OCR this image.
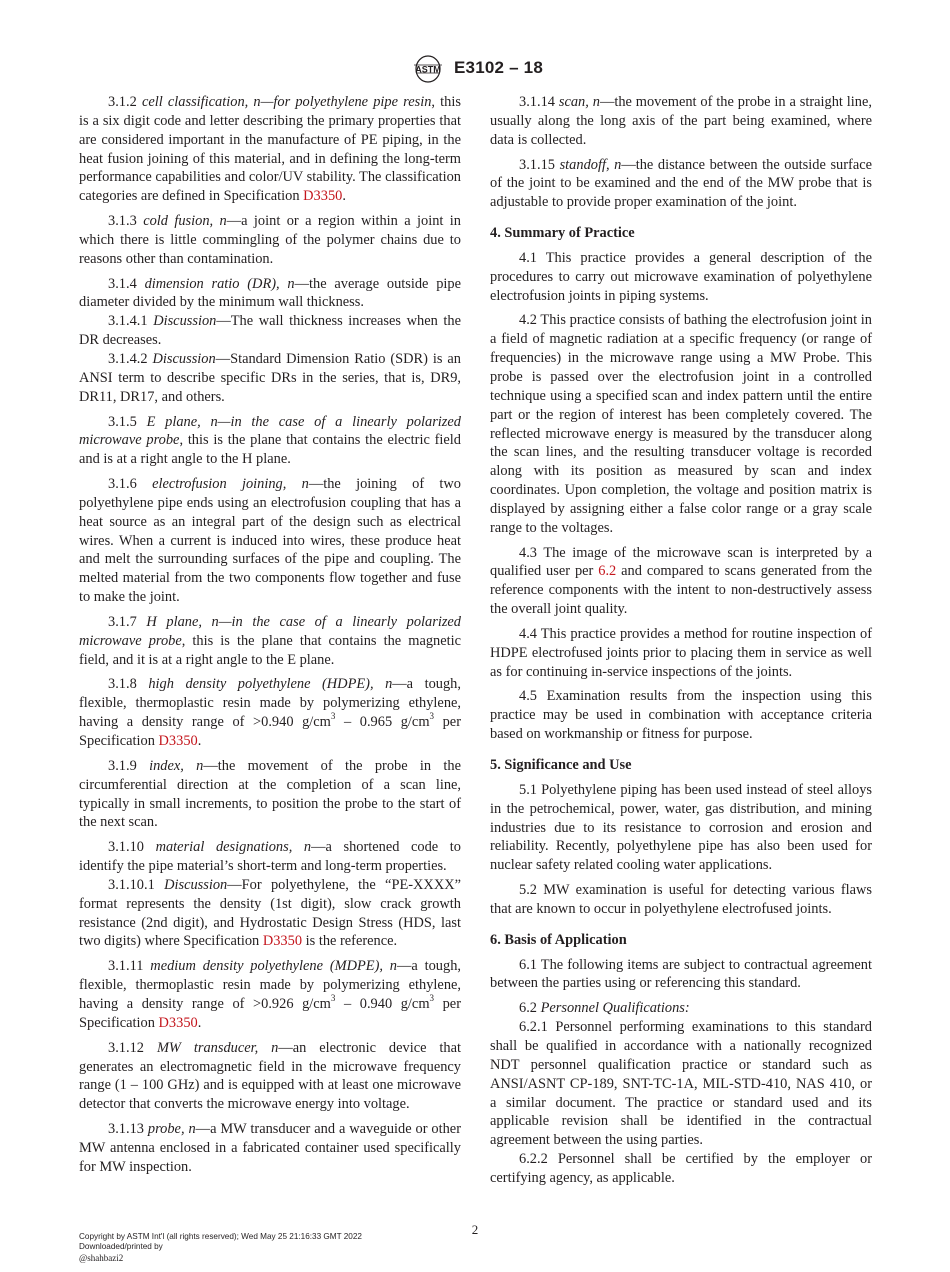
ASTM E3102 – 18

3.1.2 cell classification, n—for polyethylene pipe resin, this is a six digit code and letter describing the primary properties that are considered important in the manufacture of PE piping, in the heat fusion joining of this material, and in defining the long-term performance capabilities and color/UV stability. The classification categories are defined in Specification D3350.

3.1.3 cold fusion, n—a joint or a region within a joint in which there is little commingling of the polymer chains due to reasons other than contamination.

3.1.4 dimension ratio (DR), n—the average outside pipe diameter divided by the minimum wall thickness.

3.1.4.1 Discussion—The wall thickness increases when the DR decreases.

3.1.4.2 Discussion—Standard Dimension Ratio (SDR) is an ANSI term to describe specific DRs in the series, that is, DR9, DR11, DR17, and others.

3.1.5 E plane, n—in the case of a linearly polarized microwave probe, this is the plane that contains the electric field and is at a right angle to the H plane.

3.1.6 electrofusion joining, n—the joining of two polyethylene pipe ends using an electrofusion coupling that has a heat source as an integral part of the design such as electrical wires. When a current is induced into wires, these produce heat and melt the surrounding surfaces of the pipe and coupling. The melted material from the two components flow together and fuse to make the joint.

3.1.7 H plane, n—in the case of a linearly polarized microwave probe, this is the plane that contains the magnetic field, and it is at a right angle to the E plane.

3.1.8 high density polyethylene (HDPE), n—a tough, flexible, thermoplastic resin made by polymerizing ethylene, having a density range of >0.940 $g/cm^3 - 0.965$ $g/cm^3$ per Specification D3350.

3.1.9 index, n—the movement of the probe in the circumferential direction at the completion of a scan line, typically in small increments, to position the probe to the start of the next scan.

3.1.10 material designations, n—a shortened code to identify the pipe material’s short-term and long-term properties.

3.1.10.1 Discussion—For polyethylene, the “PE-XXXX” format represents the density (1st digit), slow crack growth resistance (2nd digit), and Hydrostatic Design Stress (HDS, last two digits) where Specification D3350 is the reference.

3.1.11 medium density polyethylene (MDPE), n—a tough, flexible, thermoplastic resin made by polymerizing ethylene, having a density range of >0.926 $g/cm^3 - 0.940$ $g/cm^3$ per Specification D3350.

3.1.12 MW transducer, n—an electronic device that generates an electromagnetic field in the microwave frequency range (1 – 100 GHz) and is equipped with at least one microwave detector that converts the microwave energy into voltage.

3.1.13 probe, n—a MW transducer and a waveguide or other MW antenna enclosed in a fabricated container used specifically for MW inspection.

3.1.14 scan, n—the movement of the probe in a straight line, usually along the long axis of the part being examined, where data is collected.

3.1.15 standoff, n—the distance between the outside surface of the joint to be examined and the end of the MW probe that is adjustable to provide proper examination of the joint.

4. Summary of Practice

4.1 This practice provides a general description of the procedures to carry out microwave examination of polyethylene electrofusion joints in piping systems.

4.2 This practice consists of bathing the electrofusion joint in a field of magnetic radiation at a specific frequency (or range of frequencies) in the microwave range using a MW Probe. This probe is passed over the electrofusion joint in a controlled technique using a specified scan and index pattern until the entire part or the region of interest has been completely covered. The reflected microwave energy is measured by the transducer along the scan lines, and the resulting transducer voltage is recorded along with its position as measured by scan and index coordinates. Upon completion, the voltage and position matrix is displayed by assigning either a false color range or a gray scale range to the voltages.

4.3 The image of the microwave scan is interpreted by a qualified user per 6.2 and compared to scans generated from the reference components with the intent to non-destructively assess the overall joint quality.

4.4 This practice provides a method for routine inspection of HDPE electrofused joints prior to placing them in service as well as for continuing in-service inspections of the joints.

4.5 Examination results from the inspection using this practice may be used in combination with acceptance criteria based on workmanship or fitness for purpose.

5. Significance and Use

5.1 Polyethylene piping has been used instead of steel alloys in the petrochemical, power, water, gas distribution, and mining industries due to its resistance to corrosion and erosion and reliability. Recently, polyethylene pipe has also been used for nuclear safety related cooling water applications.

5.2 MW examination is useful for detecting various flaws that are known to occur in polyethylene electrofused joints.

6. Basis of Application

6.1 The following items are subject to contractual agreement between the parties using or referencing this standard.

6.2 Personnel Qualifications:

6.2.1 Personnel performing examinations to this standard shall be qualified in accordance with a nationally recognized NDT personnel qualification practice or standard such as ANSI/ASNT CP-189, SNT-TC-1A, MIL-STD-410, NAS 410, or a similar document. The practice or standard used and its applicable revision shall be identified in the contractual agreement between the using parties.

6.2.2 Personnel shall be certified by the employer or certifying agency, as applicable.

2
Copyright by ASTM Int'l (all rights reserved); Wed May 25 21:16:33 GMT 2022
Downloaded/printed by
@shahbazi2
